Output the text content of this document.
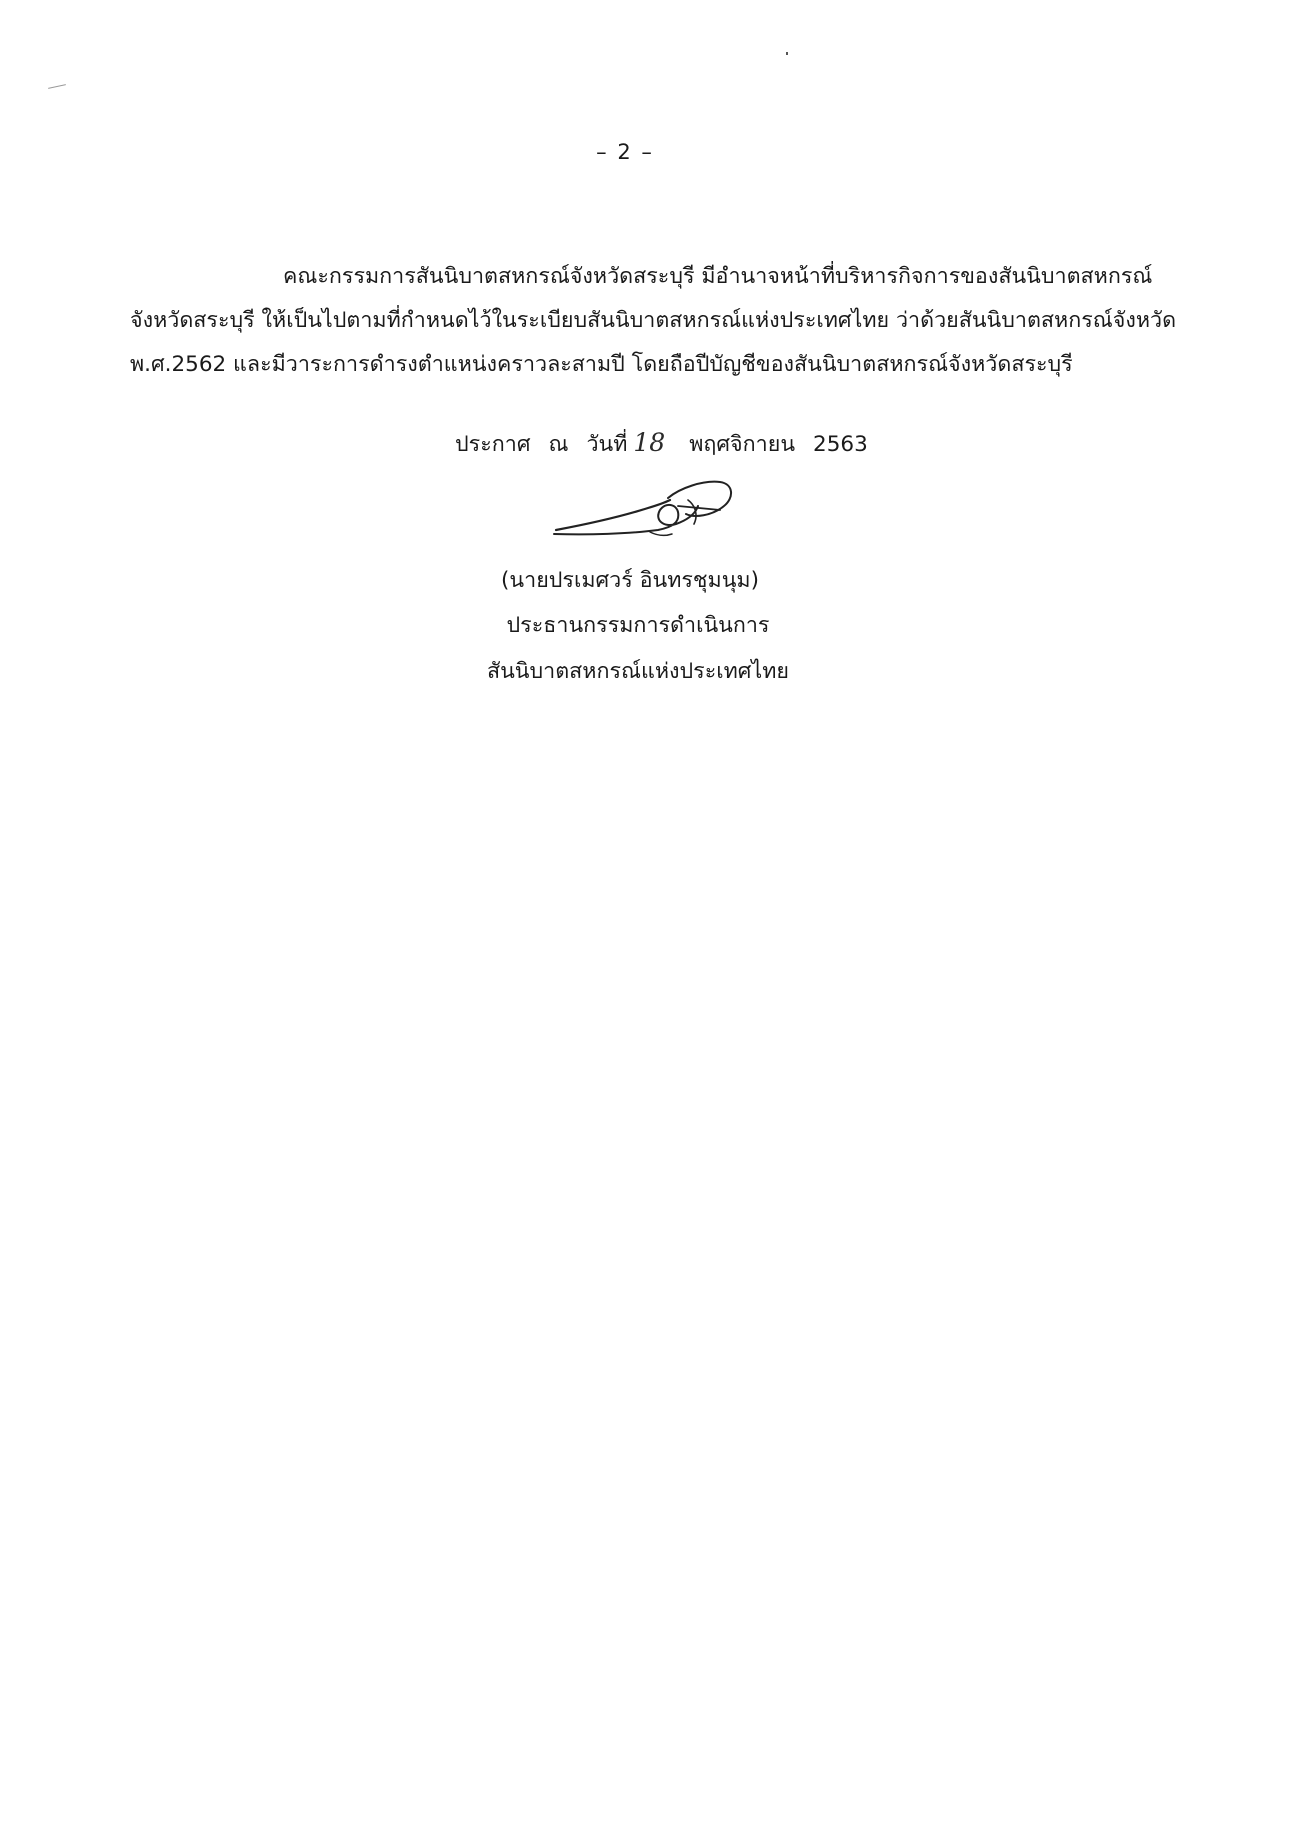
– 2 –
คณะกรรมการสันนิบาตสหกรณ์จังหวัดสระบุรี มีอำนาจหน้าที่บริหารกิจการของสันนิบาตสหกรณ์
จังหวัดสระบุรี ให้เป็นไปตามที่กำหนดไว้ในระเบียบสันนิบาตสหกรณ์แห่งประเทศไทย ว่าด้วยสันนิบาตสหกรณ์จังหวัด
พ.ศ.2562 และมีวาระการดำรงตำแหน่งคราวละสามปี โดยถือปีบัญชีของสันนิบาตสหกรณ์จังหวัดสระบุรี
ประกาศ ณ วันที่ 18 พฤศจิกายน 2563
(นายปรเมศวร์ อินทรชุมนุม)
ประธานกรรมการดำเนินการ
สันนิบาตสหกรณ์แห่งประเทศไทย
